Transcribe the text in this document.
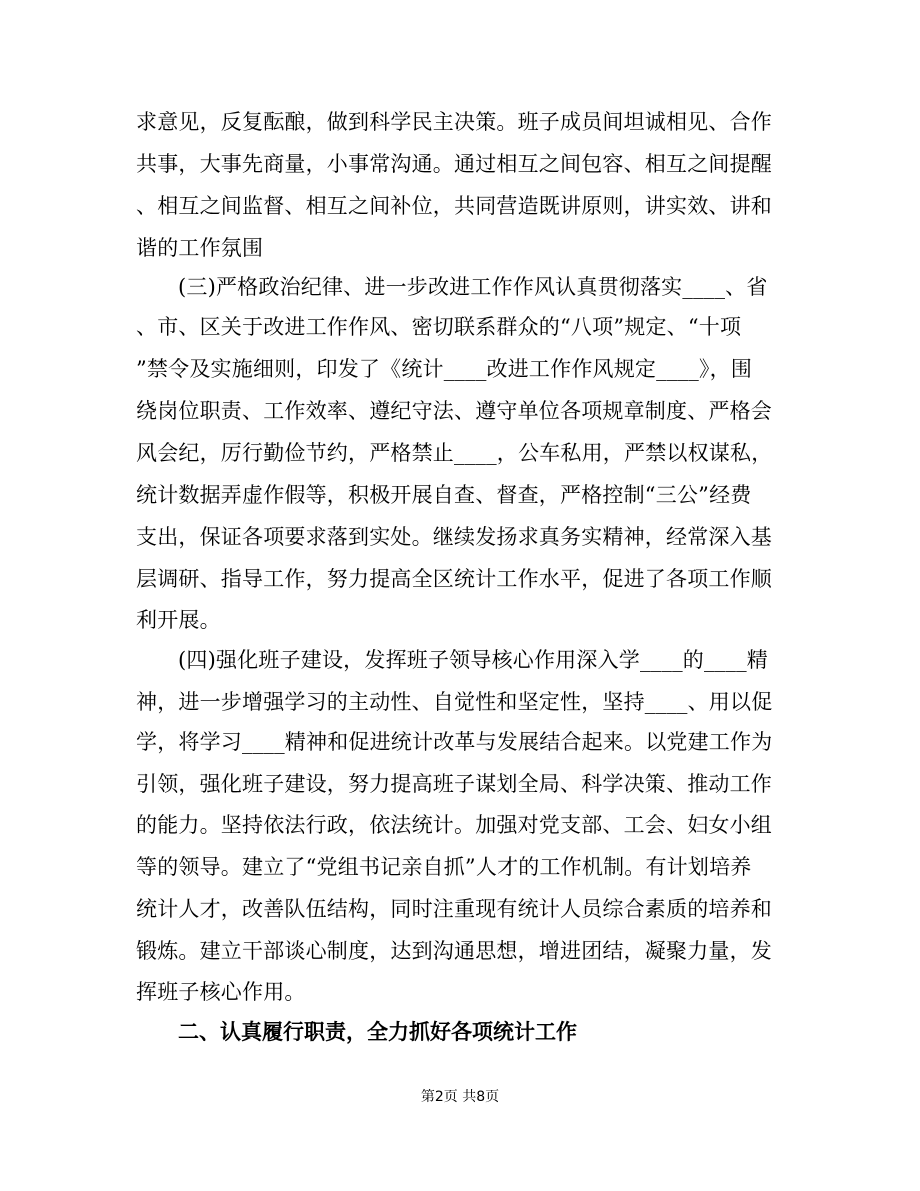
求意见，反复酝酿，做到科学民主决策。班子成员间坦诚相见、合作
共事，大事先商量，小事常沟通。通过相互之间包容、相互之间提醒
、相互之间监督、相互之间补位，共同营造既讲原则，讲实效、讲和
谐的工作氛围
(三)严格政治纪律、进一步改进工作作风认真贯彻落实____、省
、市、区关于改进工作作风、密切联系群众的“八项”规定、“十项
”禁令及实施细则，印发了《统计____改进工作作风规定____》，围
绕岗位职责、工作效率、遵纪守法、遵守单位各项规章制度、严格会
风会纪，厉行勤俭节约，严格禁止____，公车私用，严禁以权谋私，
统计数据弄虚作假等，积极开展自查、督查，严格控制“三公”经费
支出，保证各项要求落到实处。继续发扬求真务实精神，经常深入基
层调研、指导工作，努力提高全区统计工作水平，促进了各项工作顺
利开展。
(四)强化班子建设，发挥班子领导核心作用深入学____的____精
神，进一步增强学习的主动性、自觉性和坚定性，坚持____、用以促
学，将学习____精神和促进统计改革与发展结合起来。以党建工作为
引领，强化班子建设，努力提高班子谋划全局、科学决策、推动工作
的能力。坚持依法行政，依法统计。加强对党支部、工会、妇女小组
等的领导。建立了“党组书记亲自抓”人才的工作机制。有计划培养
统计人才，改善队伍结构，同时注重现有统计人员综合素质的培养和
锻炼。建立干部谈心制度，达到沟通思想，增进团结，凝聚力量，发
挥班子核心作用。
二、认真履行职责，全力抓好各项统计工作
第2页 共8页
